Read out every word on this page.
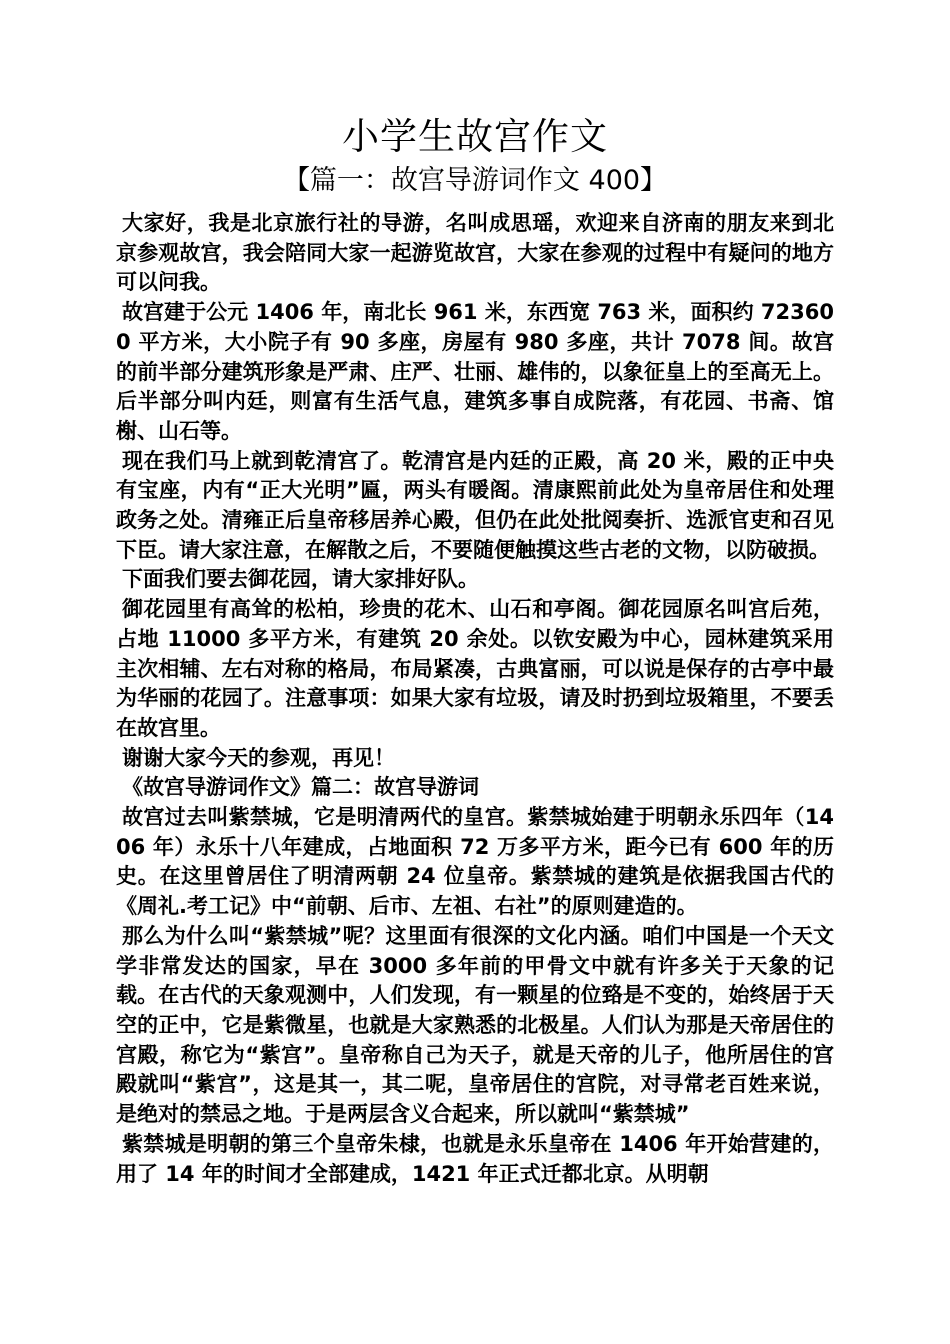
小学生故宫作文
【篇一：故宫导游词作文 400】

大家好，我是北京旅行社的导游，名叫成思瑶，欢迎来自济南的朋友来到北京参观故宫，我会陪同大家一起游览故宫，大家在参观的过程中有疑问的地方可以问我。

故宫建于公元 1406 年，南北长 961 米，东西宽 763 米，面积约 723600 平方米，大小院子有 90 多座，房屋有 980 多座，共计 7078 间。故宫的前半部分建筑形象是严肃、庄严、壮丽、雄伟的，以象征皇上的至高无上。后半部分叫内廷，则富有生活气息，建筑多事自成院落，有花园、书斋、馆榭、山石等。

现在我们马上就到乾清宫了。乾清宫是内廷的正殿，高 20 米，殿的正中央有宝座，内有“正大光明”匾，两头有暖阁。清康熙前此处为皇帝居住和处理政务之处。清雍正后皇帝移居养心殿，但仍在此处批阅奏折、选派官吏和召见下臣。请大家注意，在解散之后，不要随便触摸这些古老的文物，以防破损。

下面我们要去御花园，请大家排好队。

御花园里有高耸的松柏，珍贵的花木、山石和亭阁。御花园原名叫宫后苑，占地 11000 多平方米，有建筑 20 余处。以钦安殿为中心，园林建筑采用主次相辅、左右对称的格局，布局紧凑，古典富丽，可以说是保存的古亭中最为华丽的花园了。注意事项：如果大家有垃圾，请及时扔到垃圾箱里，不要丢在故宫里。

谢谢大家今天的参观，再见！

《故宫导游词作文》篇二：故宫导游词

故宫过去叫紫禁城，它是明清两代的皇宫。紫禁城始建于明朝永乐四年（1406 年）永乐十八年建成，占地面积 72 万多平方米，距今已有 600 年的历史。在这里曾居住了明清两朝 24 位皇帝。紫禁城的建筑是依据我国古代的《周礼.考工记》中“前朝、后市、左祖、右社”的原则建造的。

那么为什么叫“紫禁城”呢？这里面有很深的文化内涵。咱们中国是一个天文学非常发达的国家，早在 3000 多年前的甲骨文中就有许多关于天象的记载。在古代的天象观测中，人们发现，有一颗星的位臵是不变的，始终居于天空的正中，它是紫微星，也就是大家熟悉的北极星。人们认为那是天帝居住的宫殿，称它为“紫宫”。皇帝称自己为天子，就是天帝的儿子，他所居住的宫殿就叫“紫宫”，这是其一，其二呢，皇帝居住的宫院，对寻常老百姓来说，是绝对的禁忌之地。于是两层含义合起来，所以就叫“紫禁城”

紫禁城是明朝的第三个皇帝朱棣，也就是永乐皇帝在 1406 年开始营建的，用了 14 年的时间才全部建成，1421 年正式迁都北京。从明朝
